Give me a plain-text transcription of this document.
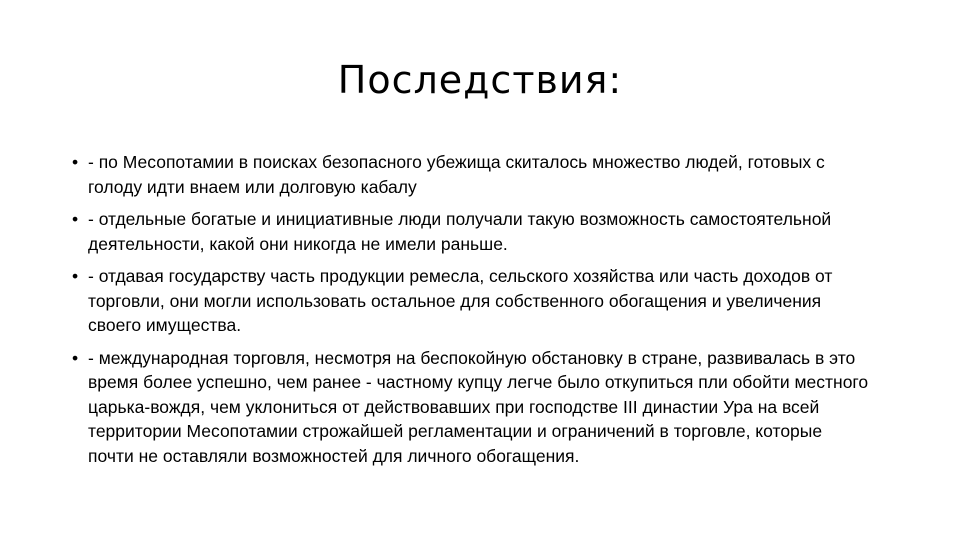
Последствия:
• - по Месопотамии в поисках безопасного убежища скиталось множество людей, готовых с голоду идти внаем или долговую кабалу
• - отдельные богатые и инициативные люди получали такую возможность самостоятельной деятельности, какой они никогда не имели раньше.
• - отдавая государству часть продукции ремесла, сельского хозяйства или часть доходов от торговли, они могли использовать остальное для собственного обогащения и увеличения своего имущества.
• - международная торговля, несмотря на беспокойную обстановку в стране, развивалась в это время более успешно, чем ранее - частному купцу легче было откупиться пли обойти местного царька-вождя, чем уклониться от действовавших при господстве III династии Ура на всей территории Месопотамии строжайшей регламентации и ограничений в торговле, которые почти не оставляли возможностей для личного обогащения.
